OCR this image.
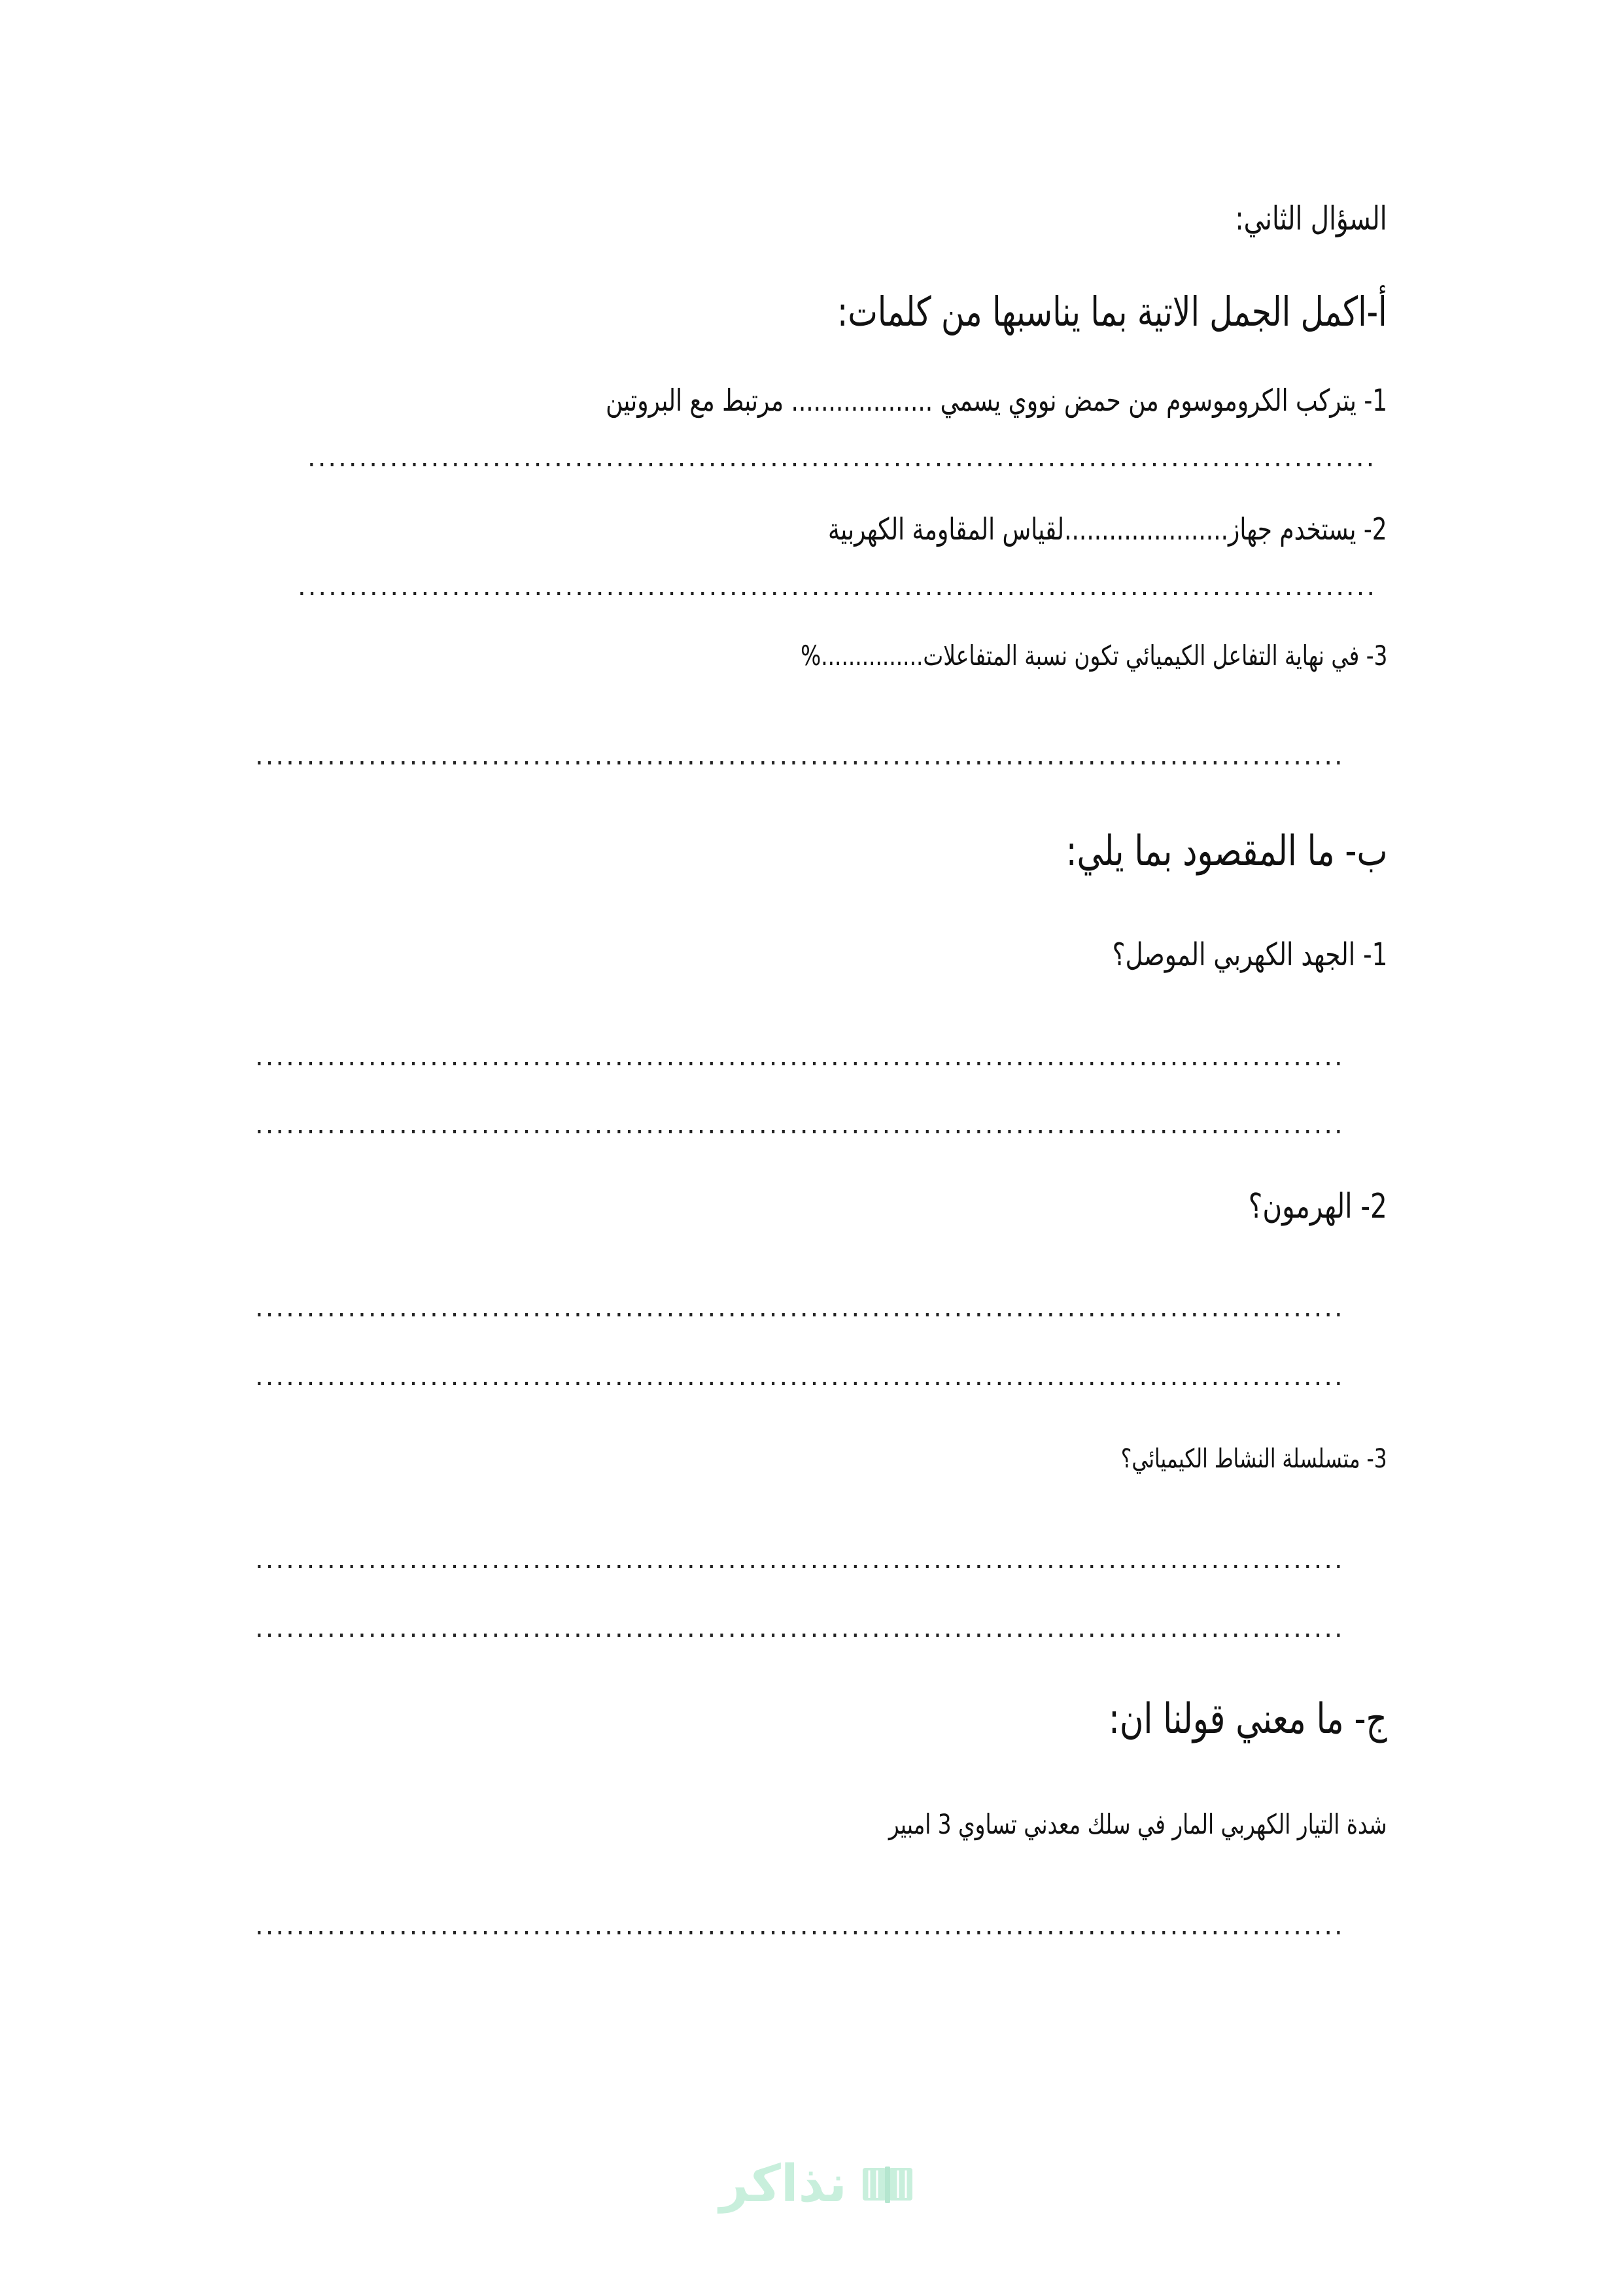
السؤال الثاني:
أ-اكمل الجمل الاتية بما يناسبها من كلمات:
1- يتركب الكروموسوم من حمض نووي يسمي ................... مرتبط مع البروتين
.....
2- يستخدم جهاز......................لقياس المقاومة الكهربية
.....
3- في نهاية التفاعل الكيميائي تكون نسبة المتفاعلات...............%
.....
ب- ما المقصود بما يلي:
1- الجهد الكهربي الموصل؟
.....
.....
2- الهرمون؟
.....
.....
3- متسلسلة النشاط الكيميائي؟
.....
.....
ج- ما معني قولنا ان:
شدة التيار الكهربي المار في سلك معدني تساوي 3 امبير
.....
نذاكر
